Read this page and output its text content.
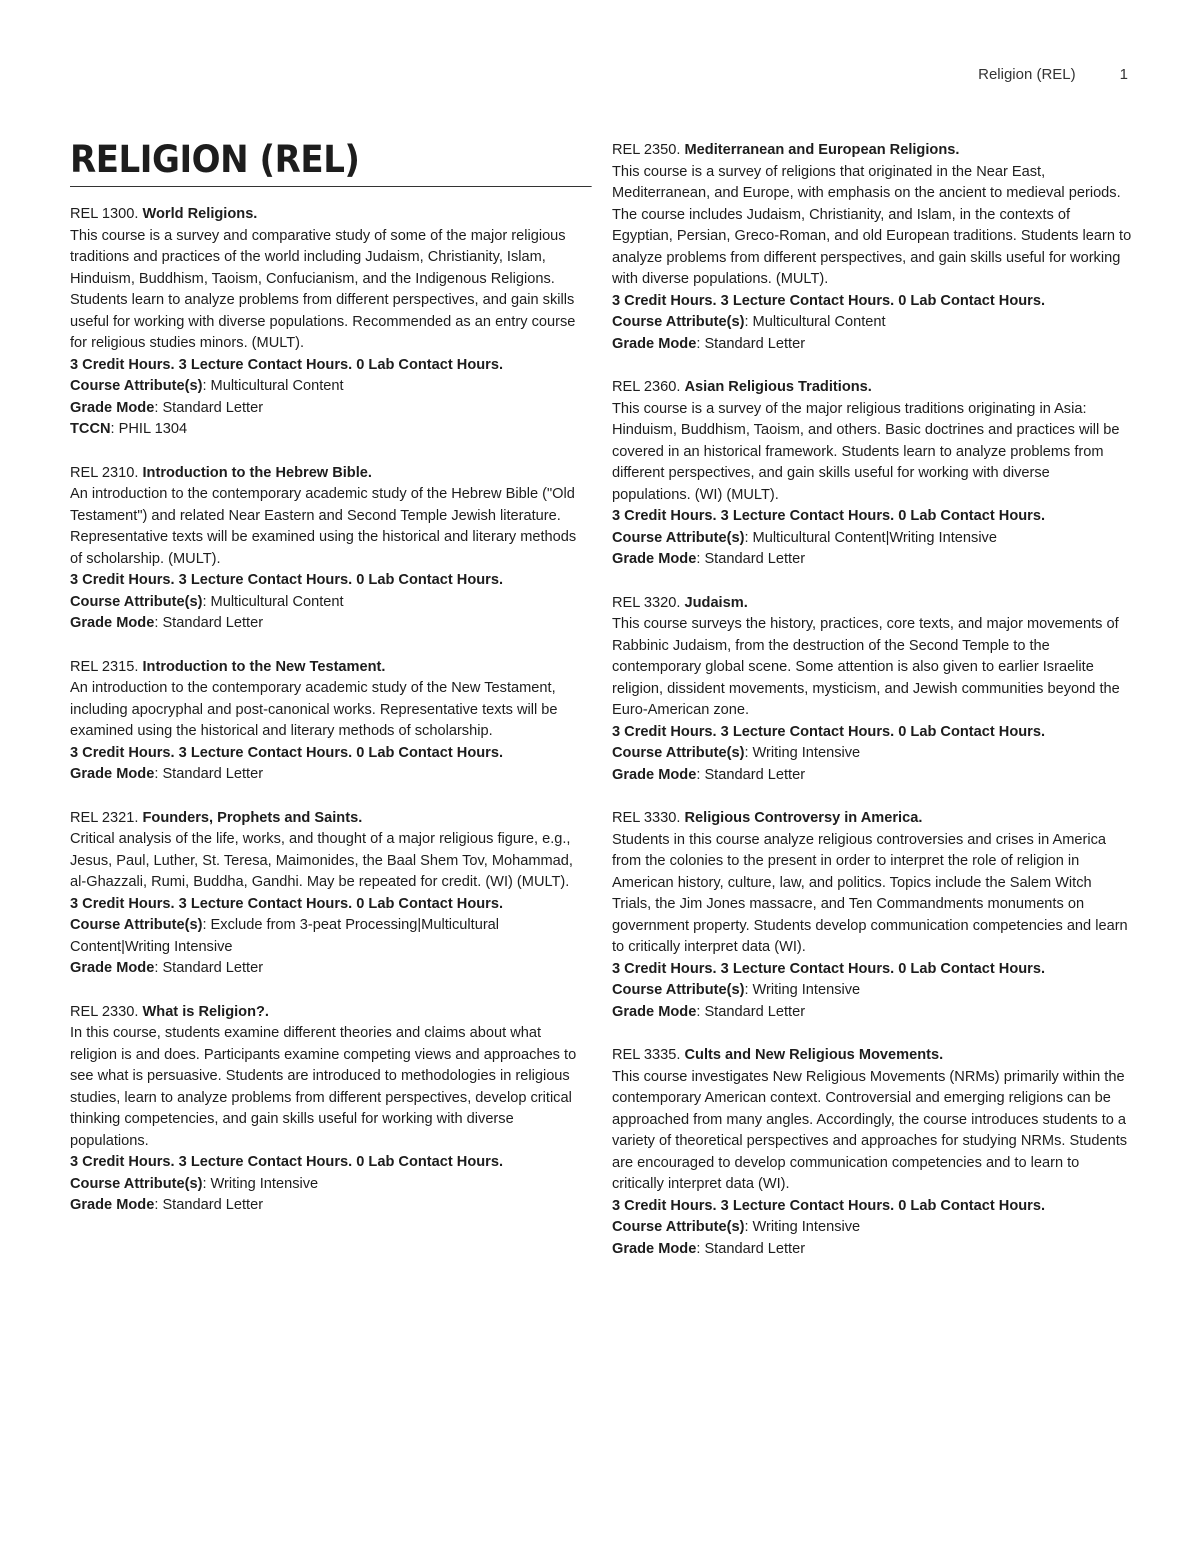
Religion (REL)	1
RELIGION (REL)
REL 1300. World Religions.
This course is a survey and comparative study of some of the major religious traditions and practices of the world including Judaism, Christianity, Islam, Hinduism, Buddhism, Taoism, Confucianism, and the Indigenous Religions. Students learn to analyze problems from different perspectives, and gain skills useful for working with diverse populations. Recommended as an entry course for religious studies minors. (MULT).
3 Credit Hours. 3 Lecture Contact Hours. 0 Lab Contact Hours.
Course Attribute(s): Multicultural Content
Grade Mode: Standard Letter
TCCN: PHIL 1304
REL 2310. Introduction to the Hebrew Bible.
An introduction to the contemporary academic study of the Hebrew Bible ("Old Testament") and related Near Eastern and Second Temple Jewish literature. Representative texts will be examined using the historical and literary methods of scholarship. (MULT).
3 Credit Hours. 3 Lecture Contact Hours. 0 Lab Contact Hours.
Course Attribute(s): Multicultural Content
Grade Mode: Standard Letter
REL 2315. Introduction to the New Testament.
An introduction to the contemporary academic study of the New Testament, including apocryphal and post-canonical works. Representative texts will be examined using the historical and literary methods of scholarship.
3 Credit Hours. 3 Lecture Contact Hours. 0 Lab Contact Hours.
Grade Mode: Standard Letter
REL 2321. Founders, Prophets and Saints.
Critical analysis of the life, works, and thought of a major religious figure, e.g., Jesus, Paul, Luther, St. Teresa, Maimonides, the Baal Shem Tov, Mohammad, al-Ghazzali, Rumi, Buddha, Gandhi. May be repeated for credit. (WI) (MULT).
3 Credit Hours. 3 Lecture Contact Hours. 0 Lab Contact Hours.
Course Attribute(s): Exclude from 3-peat Processing|Multicultural Content|Writing Intensive
Grade Mode: Standard Letter
REL 2330. What is Religion?.
In this course, students examine different theories and claims about what religion is and does. Participants examine competing views and approaches to see what is persuasive. Students are introduced to methodologies in religious studies, learn to analyze problems from different perspectives, develop critical thinking competencies, and gain skills useful for working with diverse populations.
3 Credit Hours. 3 Lecture Contact Hours. 0 Lab Contact Hours.
Course Attribute(s): Writing Intensive
Grade Mode: Standard Letter
REL 2350. Mediterranean and European Religions.
This course is a survey of religions that originated in the Near East, Mediterranean, and Europe, with emphasis on the ancient to medieval periods. The course includes Judaism, Christianity, and Islam, in the contexts of Egyptian, Persian, Greco-Roman, and old European traditions. Students learn to analyze problems from different perspectives, and gain skills useful for working with diverse populations. (MULT).
3 Credit Hours. 3 Lecture Contact Hours. 0 Lab Contact Hours.
Course Attribute(s): Multicultural Content
Grade Mode: Standard Letter
REL 2360. Asian Religious Traditions.
This course is a survey of the major religious traditions originating in Asia: Hinduism, Buddhism, Taoism, and others. Basic doctrines and practices will be covered in an historical framework. Students learn to analyze problems from different perspectives, and gain skills useful for working with diverse populations. (WI) (MULT).
3 Credit Hours. 3 Lecture Contact Hours. 0 Lab Contact Hours.
Course Attribute(s): Multicultural Content|Writing Intensive
Grade Mode: Standard Letter
REL 3320. Judaism.
This course surveys the history, practices, core texts, and major movements of Rabbinic Judaism, from the destruction of the Second Temple to the contemporary global scene. Some attention is also given to earlier Israelite religion, dissident movements, mysticism, and Jewish communities beyond the Euro-American zone.
3 Credit Hours. 3 Lecture Contact Hours. 0 Lab Contact Hours.
Course Attribute(s): Writing Intensive
Grade Mode: Standard Letter
REL 3330. Religious Controversy in America.
Students in this course analyze religious controversies and crises in America from the colonies to the present in order to interpret the role of religion in American history, culture, law, and politics. Topics include the Salem Witch Trials, the Jim Jones massacre, and Ten Commandments monuments on government property. Students develop communication competencies and learn to critically interpret data (WI).
3 Credit Hours. 3 Lecture Contact Hours. 0 Lab Contact Hours.
Course Attribute(s): Writing Intensive
Grade Mode: Standard Letter
REL 3335. Cults and New Religious Movements.
This course investigates New Religious Movements (NRMs) primarily within the contemporary American context. Controversial and emerging religions can be approached from many angles. Accordingly, the course introduces students to a variety of theoretical perspectives and approaches for studying NRMs. Students are encouraged to develop communication competencies and to learn to critically interpret data (WI).
3 Credit Hours. 3 Lecture Contact Hours. 0 Lab Contact Hours.
Course Attribute(s): Writing Intensive
Grade Mode: Standard Letter
